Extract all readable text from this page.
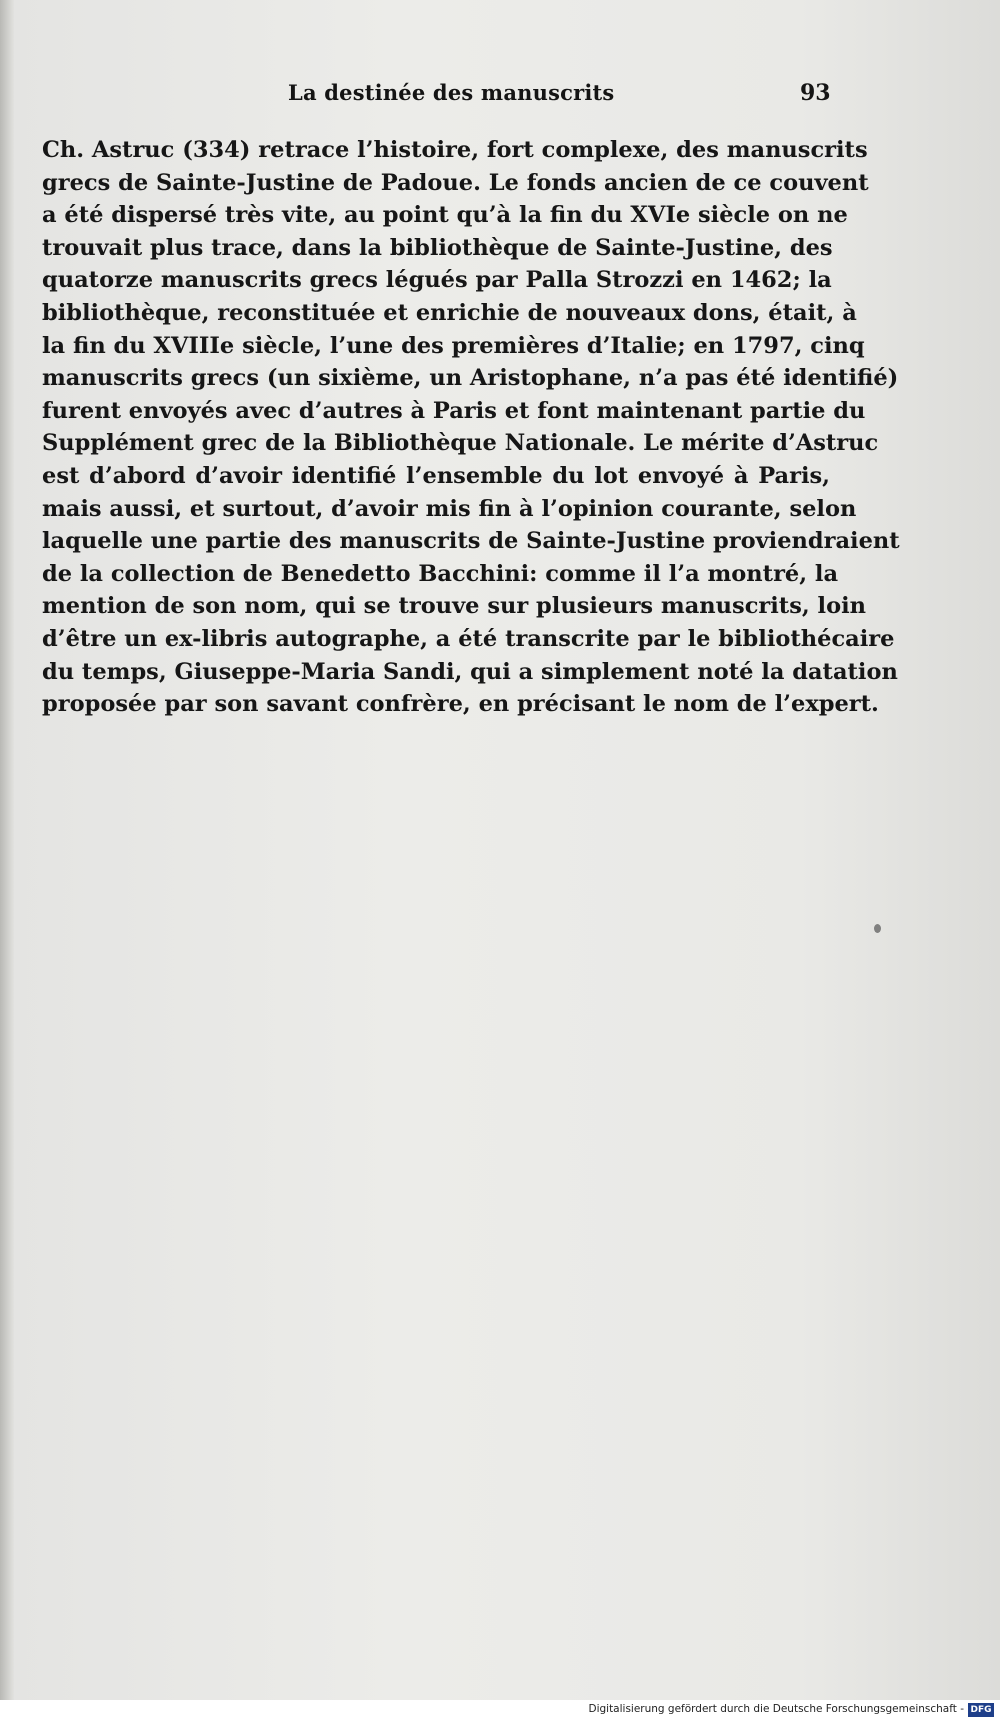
La destinée des manuscrits	93
Ch. Astruc (334) retrace l’histoire, fort complexe, des manuscrits
grecs de Sainte-Justine de Padoue. Le fonds ancien de ce couvent
a été dispersé très vite, au point qu’à la fin du XVIe siècle on ne
trouvait plus trace, dans la bibliothèque de Sainte-Justine, des
quatorze manuscrits grecs légués par Palla Strozzi en 1462; la
bibliothèque, reconstituée et enrichie de nouveaux dons, était, à
la fin du XVIIIe siècle, l’une des premières d’Italie; en 1797, cinq
manuscrits grecs (un sixième, un Aristophane, n’a pas été identifié)
furent envoyés avec d’autres à Paris et font maintenant partie du
Supplément grec de la Bibliothèque Nationale. Le mérite d’Astruc
est d’abord d’avoir identifié l’ensemble du lot envoyé à Paris,
mais aussi, et surtout, d’avoir mis fin à l’opinion courante, selon
laquelle une partie des manuscrits de Sainte-Justine proviendraient
de la collection de Benedetto Bacchini: comme il l’a montré, la
mention de son nom, qui se trouve sur plusieurs manuscrits, loin
d’être un ex-libris autographe, a été transcrite par le bibliothécaire
du temps, Giuseppe-Maria Sandi, qui a simplement noté la datation
proposée par son savant confrère, en précisant le nom de l’expert.
Digitalisierung gefördert durch die Deutsche Forschungsgemeinschaft - DFG
